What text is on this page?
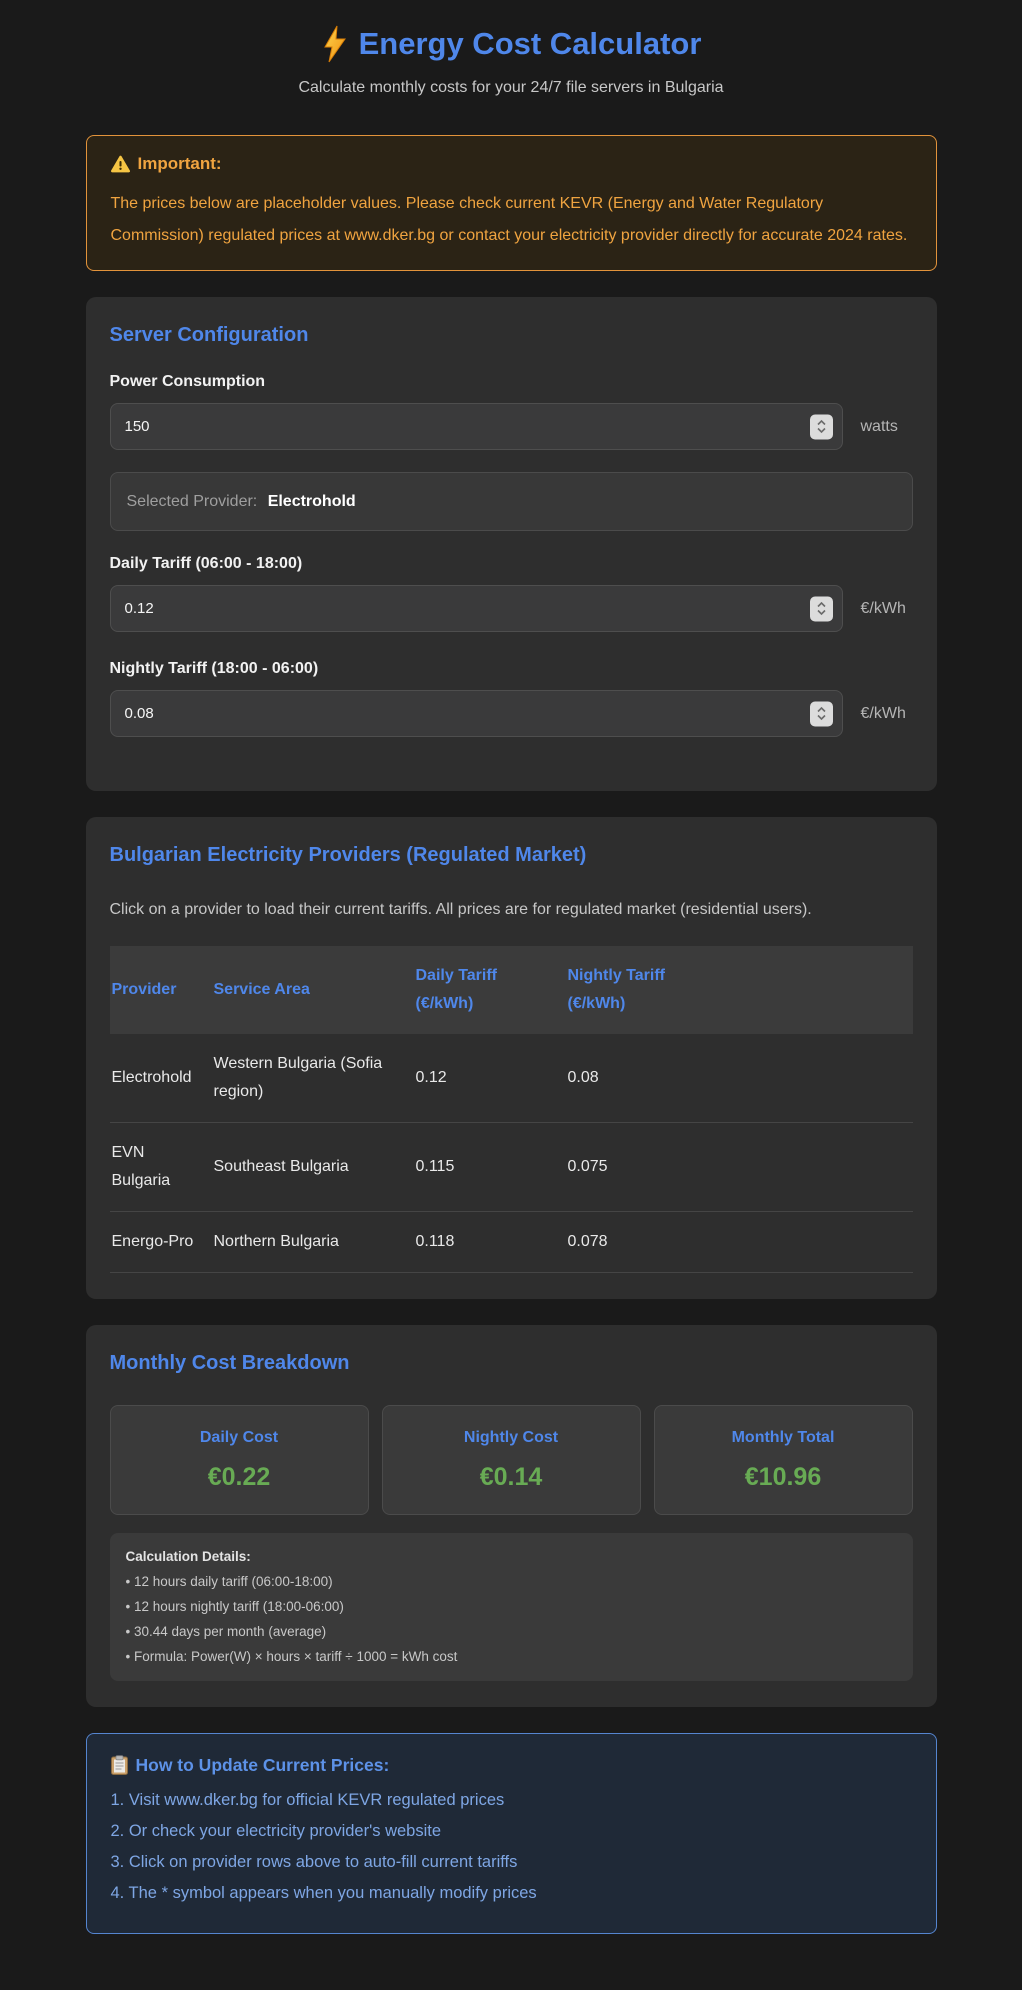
Energy Cost Calculator

Calculate monthly costs for your 24/7 file servers in Bulgaria

Important:

The prices below are placeholder values. Please check current KEVR (Energy and Water Regulatory Commission) regulated prices at www.dker.bg or contact your electricity provider directly for accurate 2024 rates.

Server Configuration
Power Consumption
150
watts
Selected Provider: Electrohold
Daily Tariff (06:00 - 18:00)
0.12
€/kWh
Nightly Tariff (18:00 - 06:00)
0.08
€/kWh
Bulgarian Electricity Providers (Regulated Market)

Click on a provider to load their current tariffs. All prices are for regulated market (residential users).

Provider	Service Area	Daily Tariff (€/kWh)	Nightly Tariff (€/kWh)
Electrohold	Western Bulgaria (Sofia region)	0.12	0.08
EVN Bulgaria	Southeast Bulgaria	0.115	0.075
Energo-Pro	Northern Bulgaria	0.118	0.078
Monthly Cost Breakdown
Daily Cost
€0.22
Nightly Cost
€0.14
Monthly Total
€10.96
Calculation Details:
• 12 hours daily tariff (06:00-18:00)
• 12 hours nightly tariff (18:00-06:00)
• 30.44 days per month (average)
• Formula: Power(W) × hours × tariff ÷ 1000 = kWh cost
How to Update Current Prices:
1. Visit www.dker.bg for official KEVR regulated prices
2. Or check your electricity provider's website
3. Click on provider rows above to auto-fill current tariffs
4. The * symbol appears when you manually modify prices
